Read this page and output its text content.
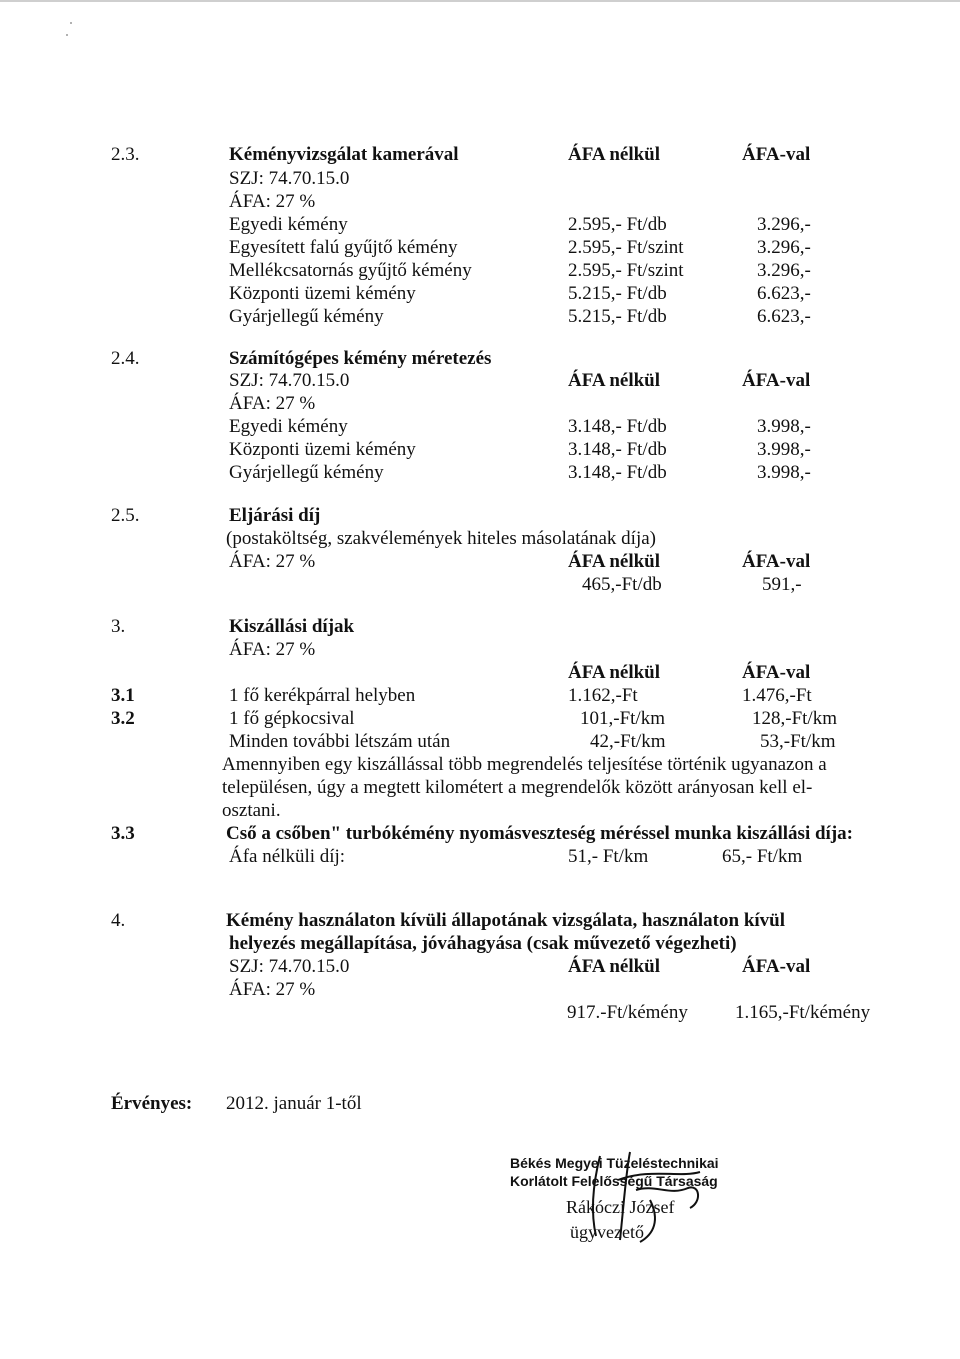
2.3.	Kéményvizsgálat kamerával	ÁFA nélkül	ÁFA-val
SZJ: 74.70.15.0
ÁFA: 27 %
Egyedi kémény	2.595,- Ft/db	3.296,-
Egyesített falú gyűjtő kémény	2.595,- Ft/szint	3.296,-
Mellékcsatornás gyűjtő kémény	2.595,- Ft/szint	3.296,-
Központi üzemi kémény	5.215,- Ft/db	6.623,-
Gyárjellegű kémény	5.215,- Ft/db	6.623,-
2.4.	Számítógépes kémény méretezés
SZJ: 74.70.15.0	ÁFA nélkül	ÁFA-val
ÁFA: 27 %
Egyedi kémény	3.148,- Ft/db	3.998,-
Központi üzemi kémény	3.148,- Ft/db	3.998,-
Gyárjellegű kémény	3.148,- Ft/db	3.998,-
2.5.	Eljárási díj
(postaköltség, szakvélemények hiteles másolatának díja)
ÁFA: 27 %	ÁFA nélkül	ÁFA-val
465,-Ft/db	591,-
3.	Kiszállási díjak
ÁFA: 27 %
ÁFA nélkül	ÁFA-val
3.1	1 fő kerékpárral helyben	1.162,-Ft	1.476,-Ft
3.2	1 fő gépkocsival	101,-Ft/km	128,-Ft/km
Minden további létszám után	42,-Ft/km	53,-Ft/km
Amennyiben egy kiszállással több megrendelés teljesítése történik ugyanazon a
településen, úgy a megtett kilométert a megrendelők között arányosan kell el-
osztani.
3.3	Cső a csőben" turbókémény nyomásveszteség méréssel munka kiszállási díja:
Áfa nélküli díj:	51,- Ft/km	65,- Ft/km
4.	Kémény használaton kívüli állapotának vizsgálata, használaton kívül
helyezés megállapítása, jóváhagyása (csak művezető végezheti)
SZJ: 74.70.15.0	ÁFA nélkül	ÁFA-val
ÁFA: 27 %
917.-Ft/kémény 1.165,-Ft/kémény
Érvényes: 2012. január 1-től
Békés Megyei Tüzeléstechnikai
Korlátolt Felelősségű Társaság
Rákóczi József
ügyvezető
